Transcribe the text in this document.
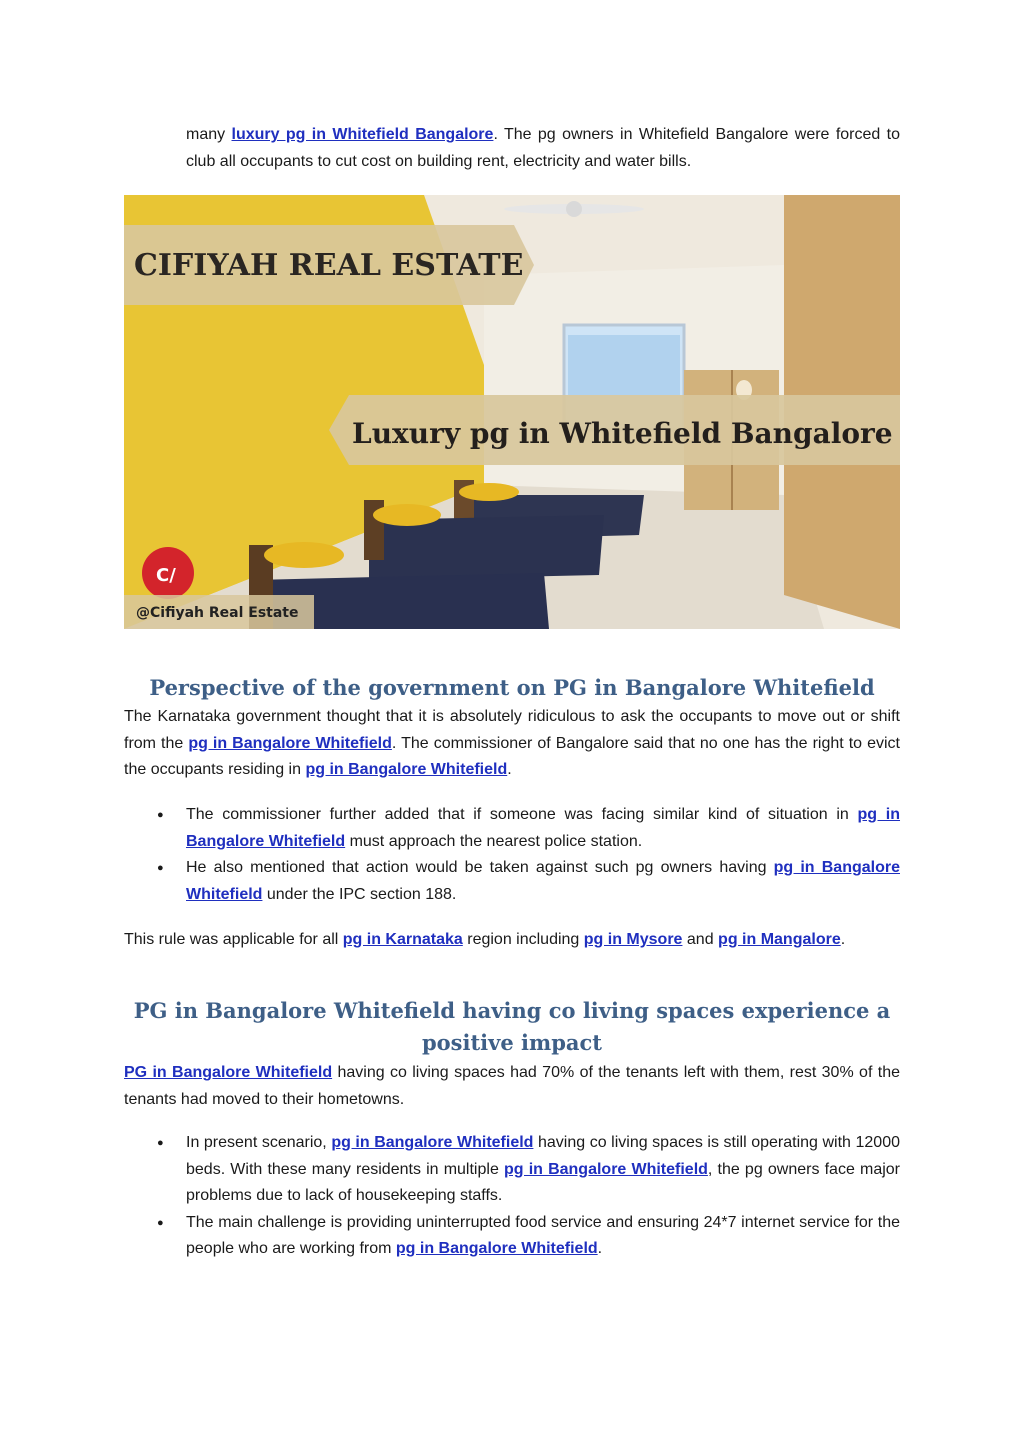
many luxury pg in Whitefield Bangalore. The pg owners in Whitefield Bangalore were forced to club all occupants to cut cost on building rent, electricity and water bills.

CIFIYAH REAL ESTATE
Luxury pg in Whitefield Bangalore
C/
@Cifiyah Real Estate
Perspective of the government on PG in Bangalore Whitefield

The Karnataka government thought that it is absolutely ridiculous to ask the occupants to move out or shift from the pg in Bangalore Whitefield. The commissioner of Bangalore said that no one has the right to evict the occupants residing in pg in Bangalore Whitefield.

● The commissioner further added that if someone was facing similar kind of situation in pg in Bangalore Whitefield must approach the nearest police station.
● He also mentioned that action would be taken against such pg owners having pg in Bangalore Whitefield under the IPC section 188.

This rule was applicable for all pg in Karnataka region including pg in Mysore and pg in Mangalore.

PG in Bangalore Whitefield having co living spaces experience a positive impact

PG in Bangalore Whitefield having co living spaces had 70% of the tenants left with them, rest 30% of the tenants had moved to their hometowns.

● In present scenario, pg in Bangalore Whitefield having co living spaces is still operating with 12000 beds. With these many residents in multiple pg in Bangalore Whitefield, the pg owners face major problems due to lack of housekeeping staffs.
● The main challenge is providing uninterrupted food service and ensuring 24*7 internet service for the people who are working from pg in Bangalore Whitefield.
